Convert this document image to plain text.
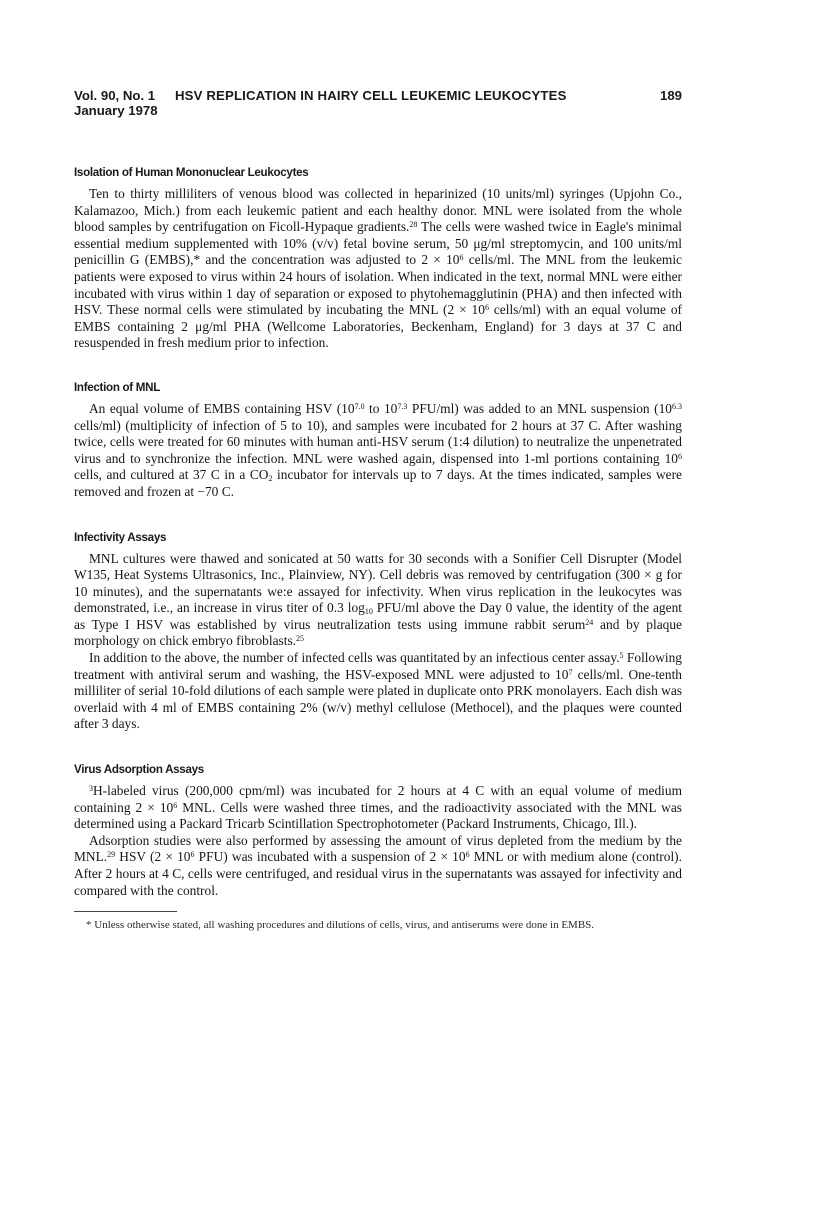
Vol. 90, No. 1 HSV REPLICATION IN HAIRY CELL LEUKEMIC LEUKOCYTES	189
January 1978
Isolation of Human Mononuclear Leukocytes

Ten to thirty milliliters of venous blood was collected in heparinized (10 units/ml) syringes (Upjohn Co., Kalamazoo, Mich.) from each leukemic patient and each healthy donor. MNL were isolated from the whole blood samples by centrifugation on Ficoll-Hypaque gradients.$^{28}$ The cells were washed twice in Eagle's minimal essential medium supplemented with 10% (v/v) fetal bovine serum, 50 μg/ml streptomycin, and 100 units/ml penicillin G (EMBS),* and the concentration was adjusted to $2 \times 10^6$ cells/ml. The MNL from the leukemic patients were exposed to virus within 24 hours of isolation. When indicated in the text, normal MNL were either incubated with virus within 1 day of separation or exposed to phytohemagglutinin (PHA) and then infected with HSV. These normal cells were stimulated by incubating the MNL ($2 \times 10^6$ cells/ml) with an equal volume of EMBS containing 2 μg/ml PHA (Wellcome Laboratories, Beckenham, England) for 3 days at 37 C and resuspended in fresh medium prior to infection.

Infection of MNL

An equal volume of EMBS containing HSV ($10^{7.0}$ to $10^{7.3}$ PFU/ml) was added to an MNL suspension ($10^{6.3}$ cells/ml) (multiplicity of infection of 5 to 10), and samples were incubated for 2 hours at 37 C. After washing twice, cells were treated for 60 minutes with human anti-HSV serum (1:4 dilution) to neutralize the unpenetrated virus and to synchronize the infection. MNL were washed again, dispensed into 1-ml portions containing $10^6$ cells, and cultured at 37 C in a $CO_2$ incubator for intervals up to 7 days. At the times indicated, samples were removed and frozen at −70 C.

Infectivity Assays

MNL cultures were thawed and sonicated at 50 watts for 30 seconds with a Sonifier Cell Disrupter (Model W135, Heat Systems Ultrasonics, Inc., Plainview, NY). Cell debris was removed by centrifugation (300 × g for 10 minutes), and the supernatants we:e assayed for infectivity. When virus replication in the leukocytes was demonstrated, i.e., an increase in virus titer of 0.3 $\log_{10} PFU/ml$ above the Day 0 value, the identity of the agent as Type I HSV was established by virus neutralization tests using immune rabbit serum$^{24}$ and by plaque morphology on chick embryo fibroblasts.$^{25}$

In addition to the above, the number of infected cells was quantitated by an infectious center assay.$^5$ Following treatment with antiviral serum and washing, the HSV-exposed MNL were adjusted to $10^7$ cells/ml. One-tenth milliliter of serial 10-fold dilutions of each sample were plated in duplicate onto PRK monolayers. Each dish was overlaid with 4 ml of EMBS containing 2% (w/v) methyl cellulose (Methocel), and the plaques were counted after 3 days.

Virus Adsorption Assays

$^3$H-labeled virus (200,000 cpm/ml) was incubated for 2 hours at 4 C with an equal volume of medium containing $2 \times 10^6$ MNL. Cells were washed three times, and the radioactivity associated with the MNL was determined using a Packard Tricarb Scintillation Spectrophotometer (Packard Instruments, Chicago, Ill.).

Adsorption studies were also performed by assessing the amount of virus depleted from the medium by the MNL.$^{29}$ HSV ($2 \times 10^6$ PFU) was incubated with a suspension of $2 \times 10^6$ MNL or with medium alone (control). After 2 hours at 4 C, cells were centrifuged, and residual virus in the supernatants was assayed for infectivity and compared with the control.

* Unless otherwise stated, all washing procedures and dilutions of cells, virus, and antiserums were done in EMBS.
